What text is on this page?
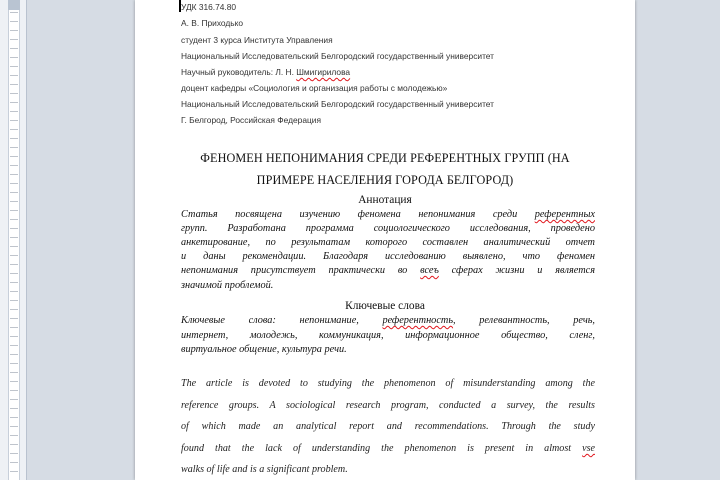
УДК 316.74.80
А. В. Приходько
студент 3 курса Института Управления
Национальный Исследовательский Белгородский государственный университет
Научный руководитель: Л. Н. Шмигирилова
доцент кафедры «Социология и организация работы с молодежью»
Национальный Исследовательский Белгородский государственный университет
Г. Белгород, Российская Федерация
ФЕНОМЕН НЕПОНИМАНИЯ СРЕДИ РЕФЕРЕНТНЫХ ГРУПП (НА
ПРИМЕРЕ НАСЕЛЕНИЯ ГОРОДА БЕЛГОРОД)
Аннотация
Статья посвящена изучению феномена непонимания среди референтных
групп. Разработана программа социологического исследования, проведено
анкетирование, по результатам которого составлен аналитический отчет
и даны рекомендации. Благодаря исследованию выявлено, что феномен
непонимания присутствует практически во всеъ сферах жизни и является
значимой проблемой.
Ключевые слова
Ключевые слова: непонимание, референтность, релевантность, речь,
интернет, молодежь, коммуникация, информационное общество, сленг,
виртуальное общение, культура речи.
The article is devoted to studying the phenomenon of misunderstanding among the
reference groups. A sociological research program, conducted a survey, the results
of which made an analytical report and recommendations. Through the study
found that the lack of understanding the phenomenon is present in almost vse
walks of life and is a significant problem.
